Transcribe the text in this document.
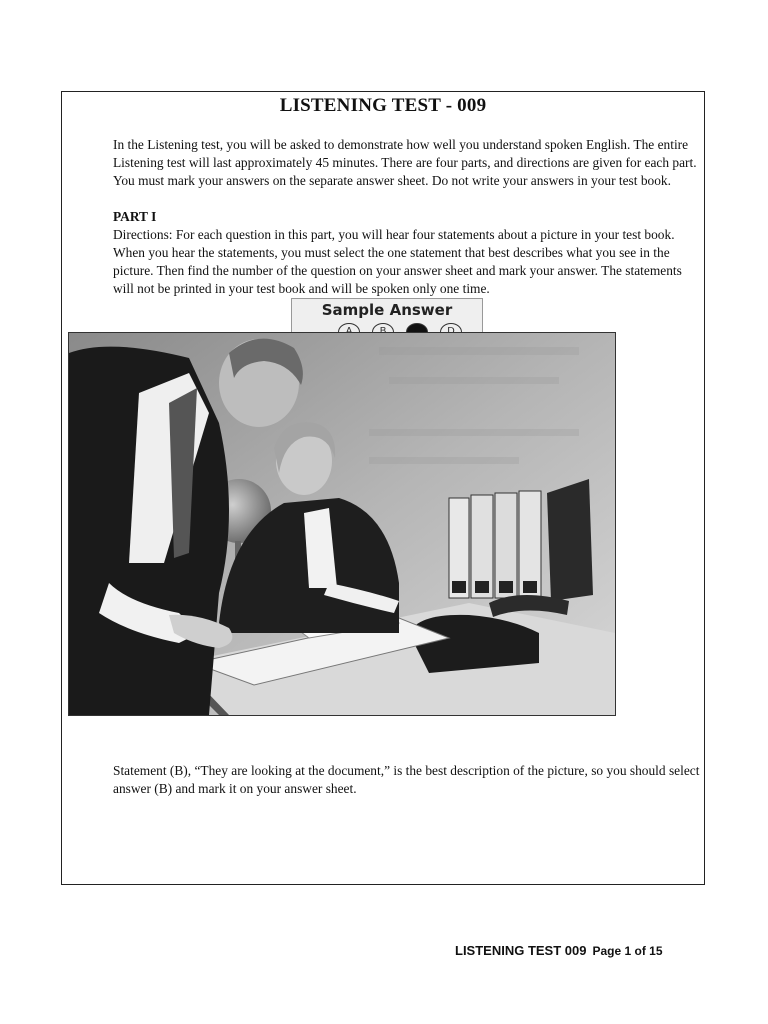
LISTENING TEST - 009

In the Listening test, you will be asked to demonstrate how well you understand spoken English. The entire Listening test will last approximately 45 minutes. There are four parts, and directions are given for each part. You must mark your answers on the separate answer sheet. Do not write your answers in your test book.

PART I

Directions: For each question in this part, you will hear four statements about a picture in your test book. When you hear the statements, you must select the one statement that best describes what you see in the picture. Then find the number of the question on your answer sheet and mark your answer. The statements will not be printed in your test book and will be spoken only one time.

Sample Answer

Statement (B), “They are looking at the document,” is the best description of the picture, so you should select answer (B) and mark it on your answer sheet.

LISTENING TEST 009 Page 1 of 15
